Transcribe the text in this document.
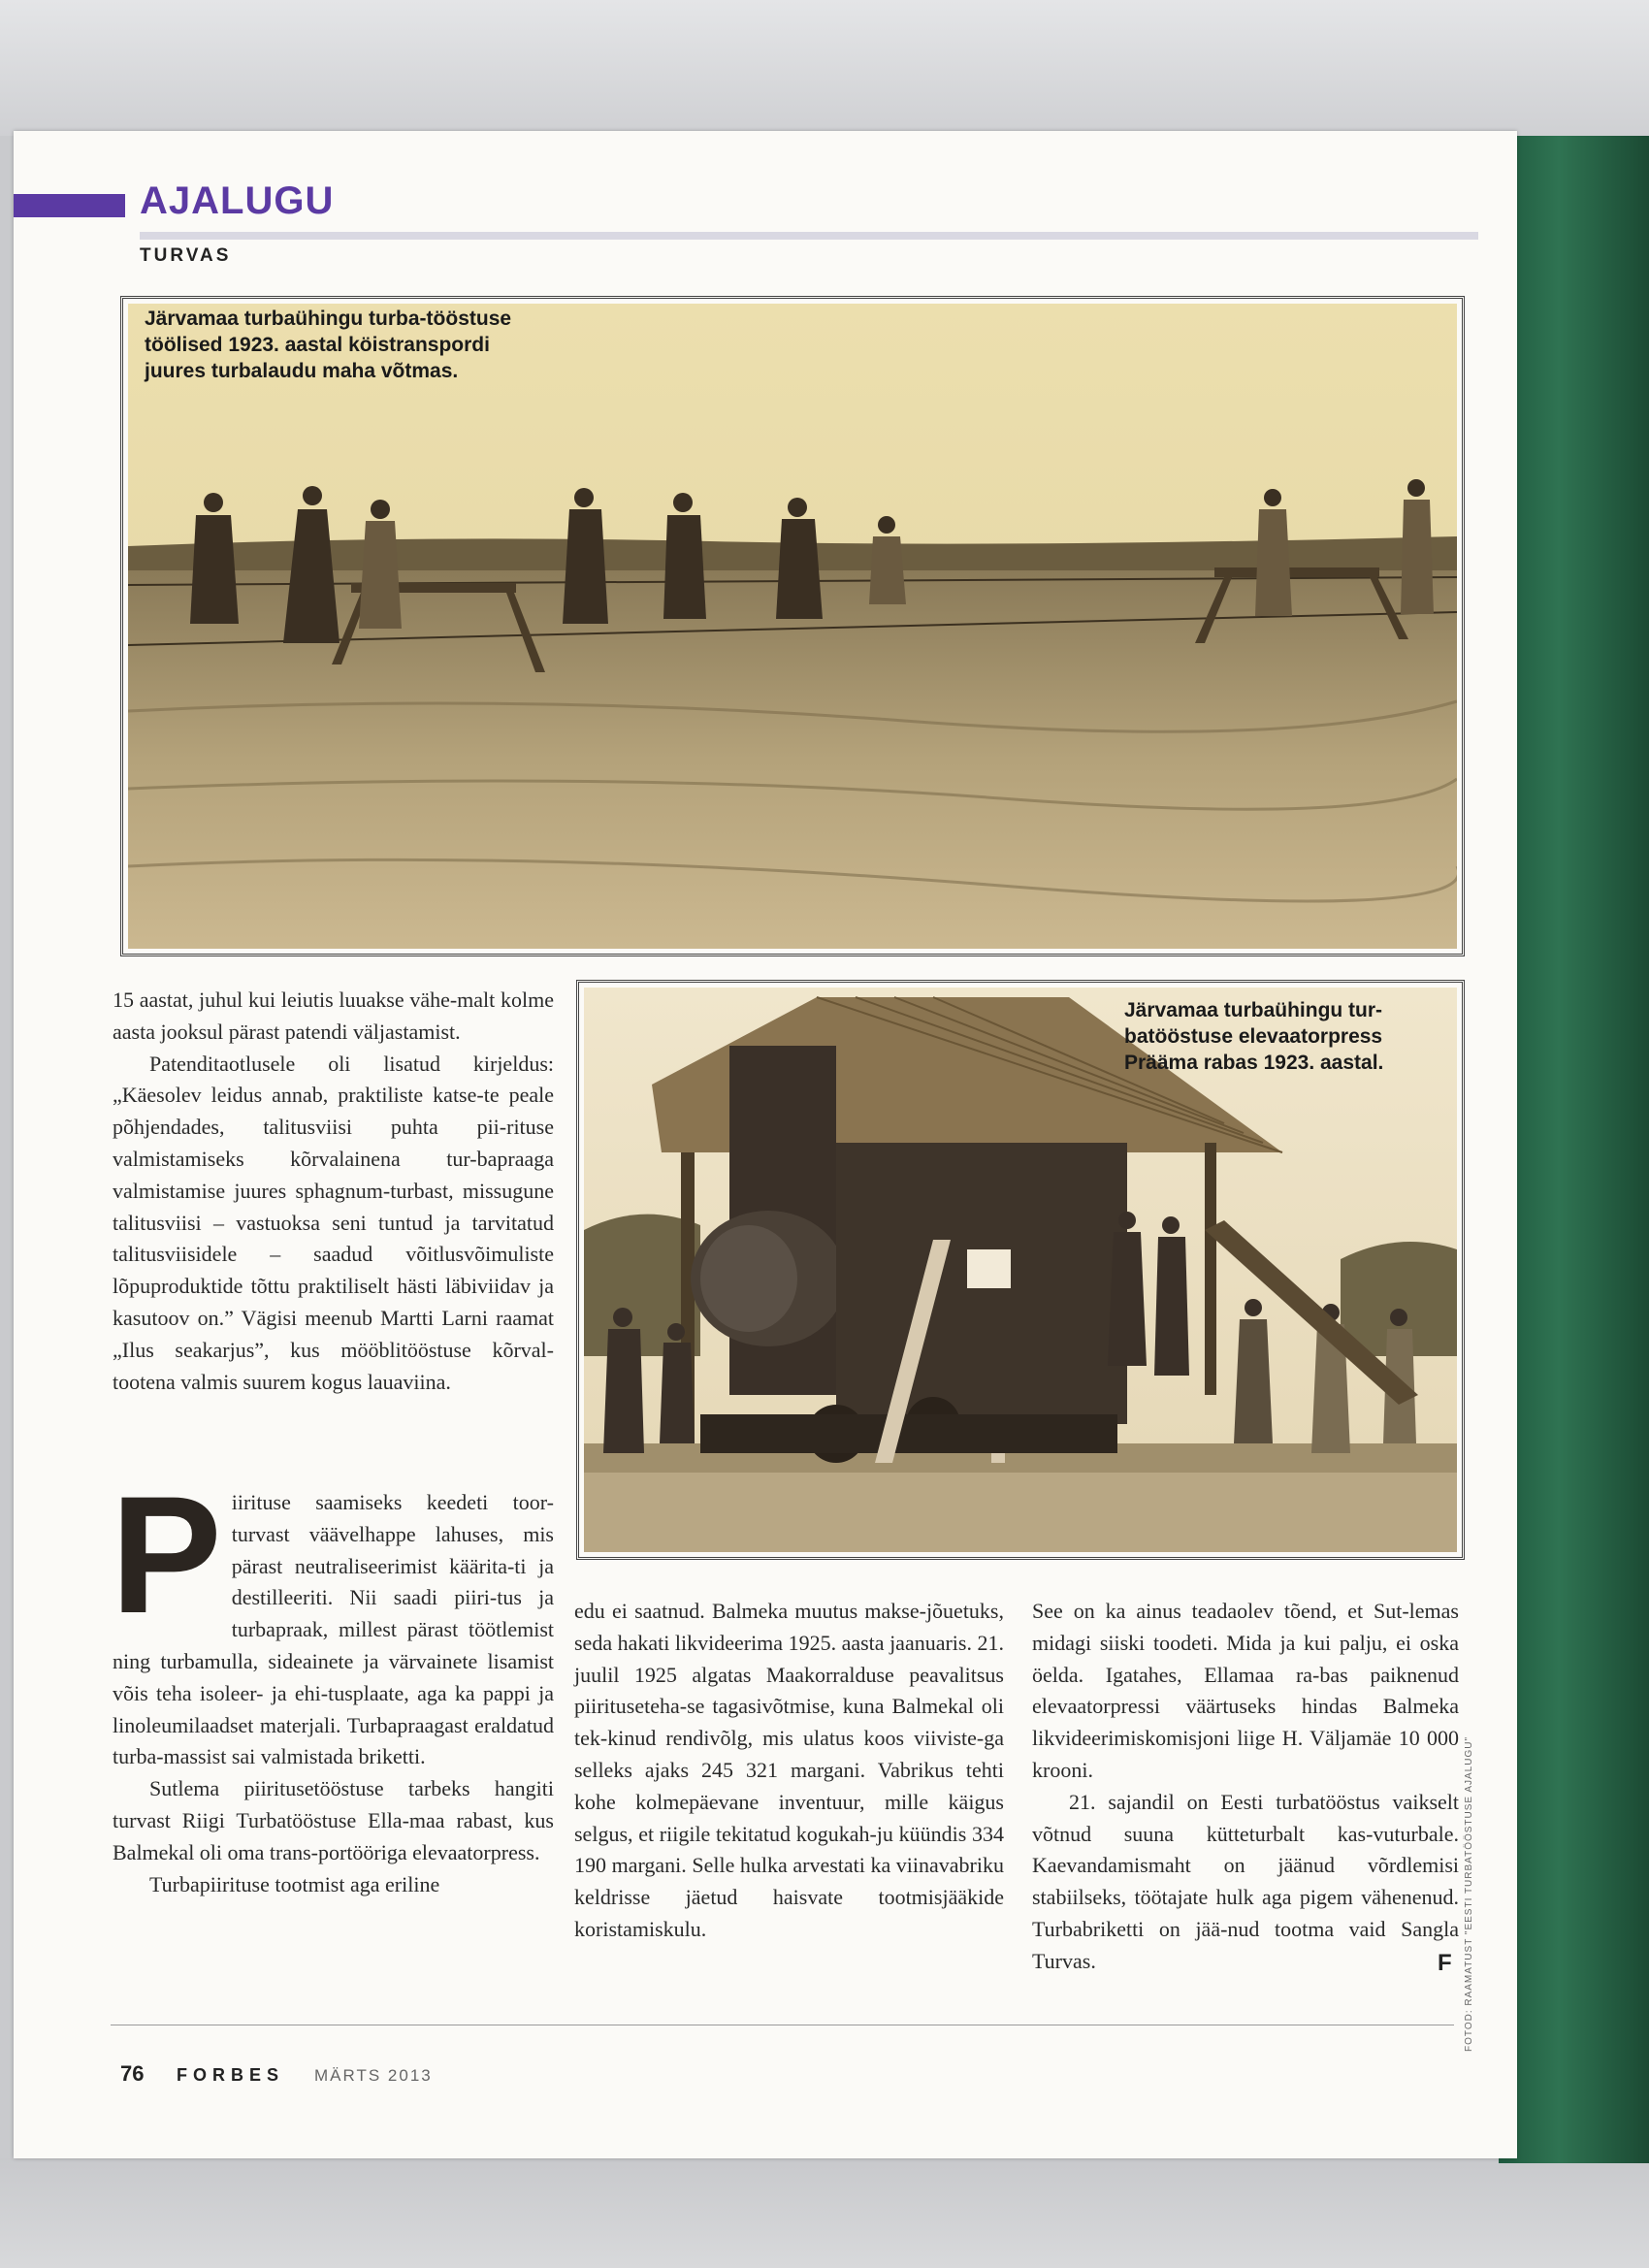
AJALUGU
TURVAS
Järvamaa turbaühingu turba-tööstuse töölised 1923. aastal köistranspordi juures turbalaudu maha võtmas.
Järvamaa turbaühingu tur-batööstuse elevaatorpress Prääma rabas 1923. aastal.

15 aastat, juhul kui leiutis luuakse vähe-malt kolme aasta jooksul pärast patendi väljastamist.

Patenditaotlusele oli lisatud kirjeldus: „Käesolev leidus annab, praktiliste katse-te peale põhjendades, talitusviisi puhta pii-rituse valmistamiseks kõrvalainena tur-bapraaga valmistamise juures sphagnum-turbast, missugune talitusviisi – vastuoksa seni tuntud ja tarvitatud talitusviisidele – saadud võitlusvõimuliste lõpuproduktide tõttu praktiliselt hästi läbiviidav ja kasutoov on.” Vägisi meenub Martti Larni raamat „Ilus seakarjus”, kus mööblitööstuse kõrval-tootena valmis suurem kogus lauaviina.

P iirituse saamiseks keedeti toor-turvast väävelhappe lahuses, mis pärast neutraliseerimist käärita-ti ja destilleeriti. Nii saadi piiri-tus ja turbapraak, millest pärast töötlemist ning turbamulla, sideainete ja värvainete lisamist võis teha isoleer- ja ehi-tusplaate, aga ka pappi ja linoleumilaadset materjali. Turbapraagast eraldatud turba-massist sai valmistada briketti.

Sutlema piiritusetööstuse tarbeks hangiti turvast Riigi Turbatööstuse Ella-maa rabast, kus Balmekal oli oma trans-portööriga elevaatorpress.

Turbapiirituse tootmist aga eriline

edu ei saatnud. Balmeka muutus makse-jõuetuks, seda hakati likvideerima 1925. aasta jaanuaris. 21. juulil 1925 algatas Maakorralduse peavalitsus piiritusetehа-se tagasivõtmise, kuna Balmekal oli tek-kinud rendivõlg, mis ulatus koos viiviste-ga selleks ajaks 245 321 margani. Vabrikus tehti kohe kolmepäevane inventuur, mille käigus selgus, et riigile tekitatud kogukah-ju küündis 334 190 margani. Selle hulka arvestati ka viinavabriku keldrisse jäetud haisvate tootmisjääkide koristamiskulu.

See on ka ainus teadaolev tõend, et Sut-lemas midagi siiski toodeti. Mida ja kui palju, ei oska öelda. Igatahes, Ellamaa ra-bas paiknenud elevaatorpressi väärtuseks hindas Balmeka likvideerimiskomisjoni liige H. Väljamäe 10 000 krooni.

21. sajandil on Eesti turbatööstus vaikselt võtnud suuna kütteturbalt kas-vuturbale. Kaevandamismaht on jäänud võrdlemisi stabiilseks, töötajate hulk aga pigem vähenenud. Turbabriketti on jää-nud tootma vaid Sangla Turvas.	F FOTOD: RAAMATUST "EESTI TURBATÖÖSTUSE AJALUGU"
76 FORBES MÄRTS 2013
